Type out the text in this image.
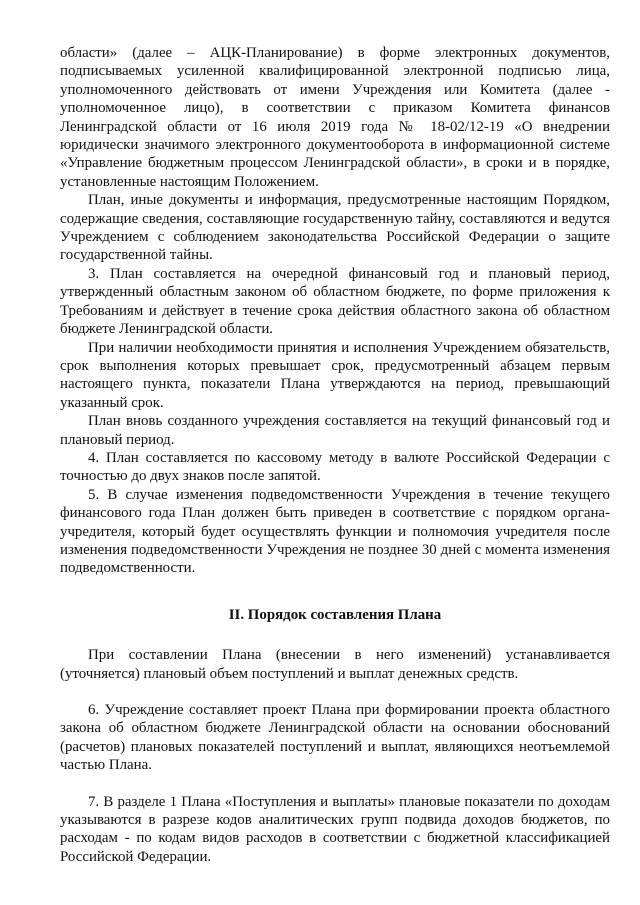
области» (далее – АЦК-Планирование) в форме электронных документов, подписываемых усиленной квалифицированной электронной подписью лица, уполномоченного действовать от имени Учреждения или Комитета (далее - уполномоченное лицо), в соответствии с приказом Комитета финансов Ленинградской области от 16 июля 2019 года № 18-02/12-19 «О внедрении юридически значимого электронного документооборота в информационной системе «Управление бюджетным процессом Ленинградской области», в сроки и в порядке, установленные настоящим Положением.

План, иные документы и информация, предусмотренные настоящим Порядком, содержащие сведения, составляющие государственную тайну, составляются и ведутся Учреждением с соблюдением законодательства Российской Федерации о защите государственной тайны.

3. План составляется на очередной финансовый год и плановый период, утвержденный областным законом об областном бюджете, по форме приложения к Требованиям и действует в течение срока действия областного закона об областном бюджете Ленинградской области.

При наличии необходимости принятия и исполнения Учреждением обязательств, срок выполнения которых превышает срок, предусмотренный абзацем первым настоящего пункта, показатели Плана утверждаются на период, превышающий указанный срок.

План вновь созданного учреждения составляется на текущий финансовый год и плановый период.

4. План составляется по кассовому методу в валюте Российской Федерации с точностью до двух знаков после запятой.

5. В случае изменения подведомственности Учреждения в течение текущего финансового года План должен быть приведен в соответствие с порядком органа-учредителя, который будет осуществлять функции и полномочия учредителя после изменения подведомственности Учреждения не позднее 30 дней с момента изменения подведомственности.

II. Порядок составления Плана

При составлении Плана (внесении в него изменений) устанавливается (уточняется) плановый объем поступлений и выплат денежных средств.

6. Учреждение составляет проект Плана при формировании проекта областного закона об областном бюджете Ленинградской области на основании обоснований (расчетов) плановых показателей поступлений и выплат, являющихся неотъемлемой частью Плана.

7. В разделе 1 Плана «Поступления и выплаты» плановые показатели по доходам указываются в разрезе кодов аналитических групп подвида доходов бюджетов, по расходам - по кодам видов расходов в соответствии с бюджетной классификацией Российской Федерации.
